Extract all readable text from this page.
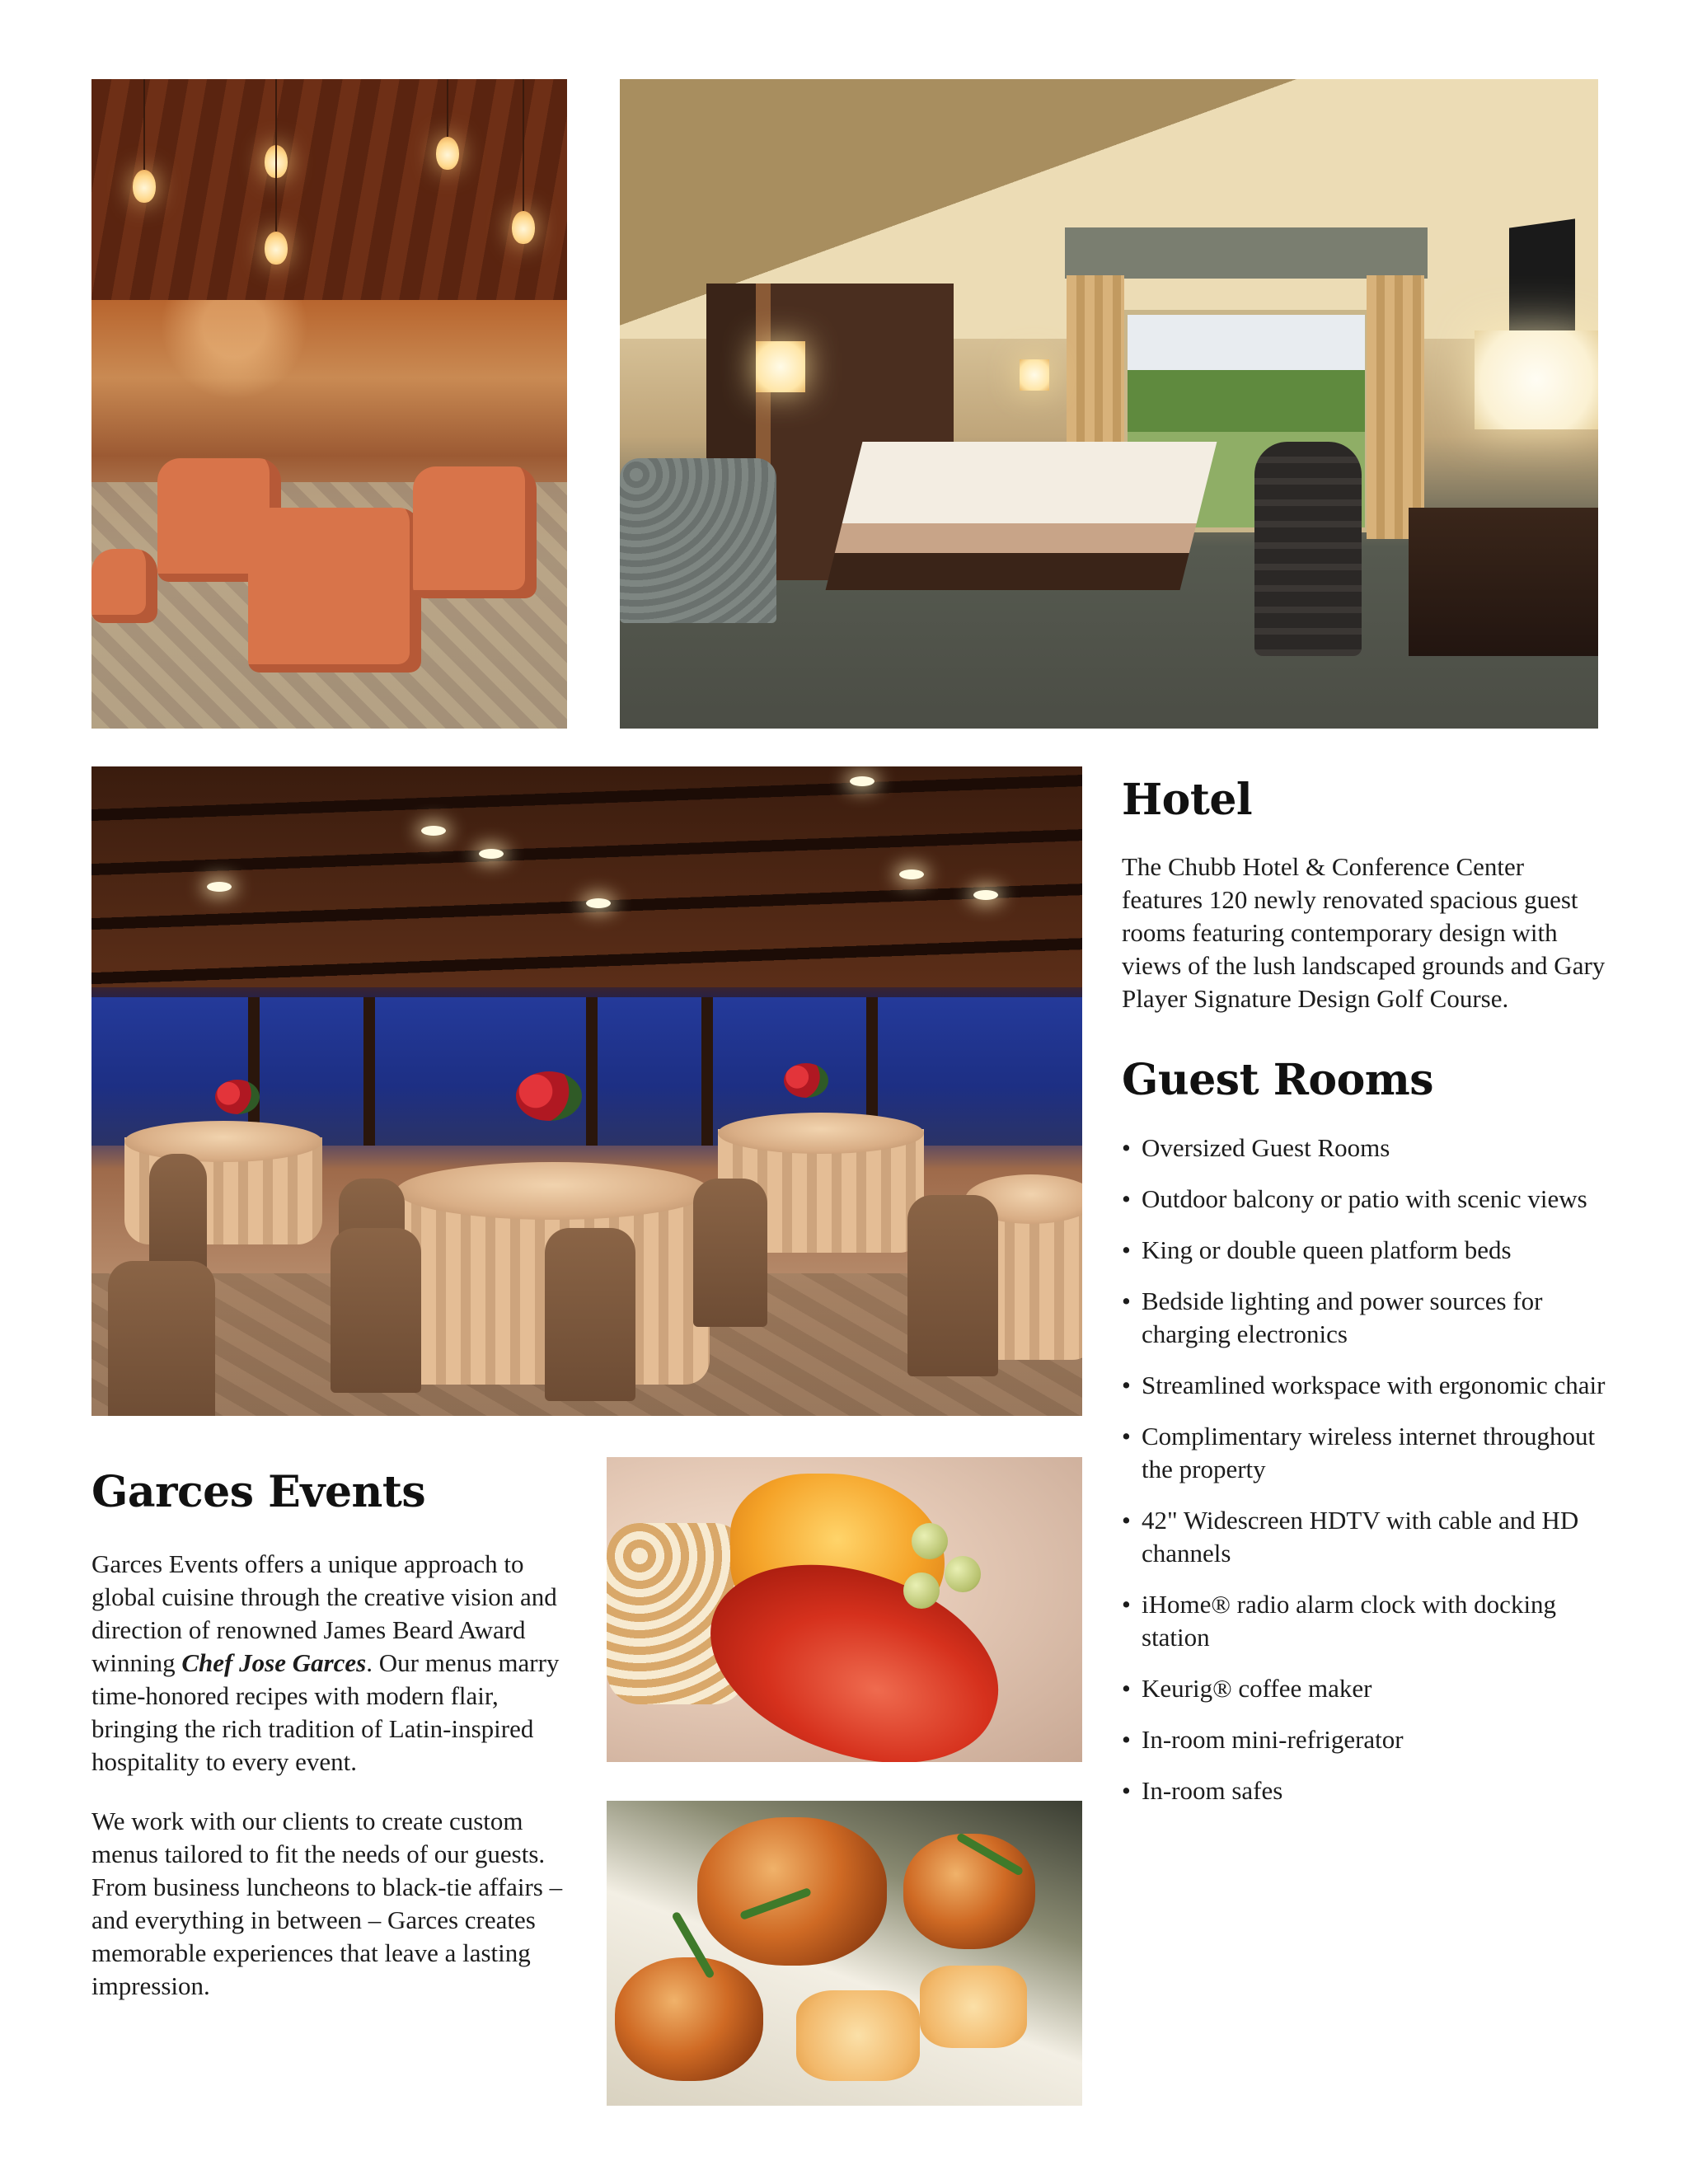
Hotel

The Chubb Hotel & Conference Center features 120 newly renovated spacious guest rooms featuring contemporary design with views of the lush landscaped grounds and Gary Player Signature Design Golf Course.

Guest Rooms
• Oversized Guest Rooms
• Outdoor balcony or patio with scenic views
• King or double queen platform beds
• Bedside lighting and power sources for charging electronics
• Streamlined workspace with ergonomic chair
• Complimentary wireless internet throughout the property
• 42" Widescreen HDTV with cable and HD channels
• iHome® radio alarm clock with docking station
• Keurig® coffee maker
• In-room mini-refrigerator
• In-room safes
Garces Events

Garces Events offers a unique approach to global cuisine through the creative vision and direction of renowned James Beard Award winning Chef Jose Garces. Our menus marry time-honored recipes with modern flair, bringing the rich tradition of Latin-inspired hospitality to every event.

We work with our clients to create custom menus tailored to fit the needs of our guests. From business luncheons to black-tie affairs – and everything in between – Garces creates memorable experiences that leave a lasting impression.
